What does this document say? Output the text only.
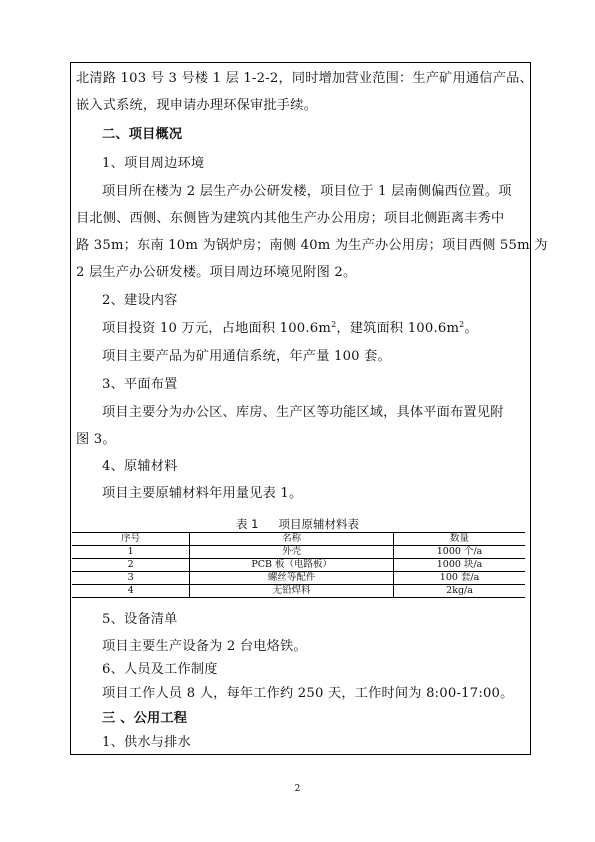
北清路 103 号 3 号楼 1 层 1-2-2，同时增加营业范围：生产矿用通信产品、
嵌入式系统，现申请办理环保审批手续。
二、项目概况
1、项目周边环境
项目所在楼为 2 层生产办公研发楼，项目位于 1 层南侧偏西位置。项
目北侧、西侧、东侧皆为建筑内其他生产办公用房；项目北侧距离丰秀中
路 35m；东南 10m 为锅炉房；南侧 40m 为生产办公用房；项目西侧 55m 为
2 层生产办公研发楼。项目周边环境见附图 2。
2、建设内容
项目投资 10 万元，占地面积 $100.6m^2$，建筑面积 $100.6m^2$。
项目主要产品为矿用通信系统，年产量 100 套。
3、平面布置
项目主要分为办公区、库房、生产区等功能区域，具体平面布置见附
图 3。
4、原辅材料
项目主要原辅材料年用量见表 1。
表 1 项目原辅材料表
序号	名称	数量
1	外壳	1000 个/a
2	PCB 板（电路板）	1000 块/a
3	螺丝等配件	100 套/a
4	无铅焊料	2kg/a
5、设备清单
项目主要生产设备为 2 台电烙铁。
6、人员及工作制度
项目工作人员 8 人，每年工作约 250 天，工作时间为 8:00-17:00。
三 、公用工程
1、供水与排水
2
